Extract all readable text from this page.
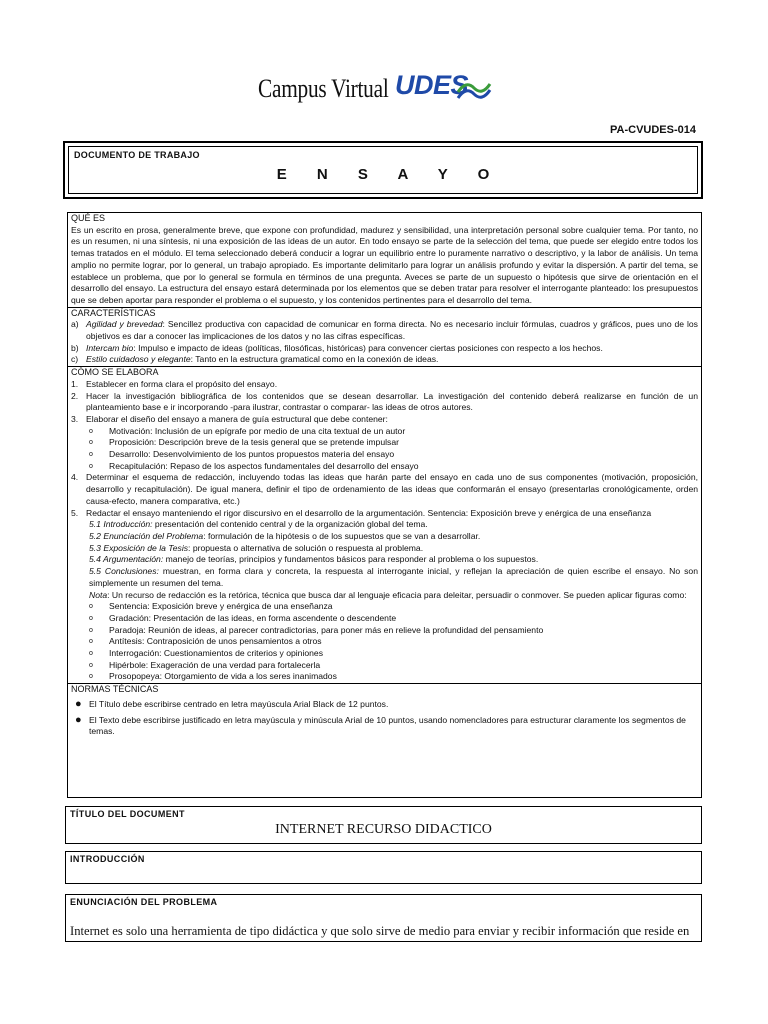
Campus Virtual UDES
PA-CVUDES-014
DOCUMENTO DE TRABAJO
E N S A Y O
QUÉ ES
Es un escrito en prosa, generalmente breve, que expone con profundidad, madurez y sensibilidad, una interpretación personal sobre cualquier tema. Por tanto, no es un resumen, ni una síntesis, ni una exposición de las ideas de un autor. En todo ensayo se parte de la selección del tema, que puede ser elegido entre todos los temas tratados en el módulo. El tema seleccionado deberá conducir a lograr un equilibrio entre lo puramente narrativo o descriptivo, y la labor de análisis. Un tema amplio no permite lograr, por lo general, un trabajo apropiado. Es importante delimitarlo para lograr un análisis profundo y evitar la dispersión. A partir del tema, se establece un problema, que por lo general se formula en términos de una pregunta. Aveces se parte de un supuesto o hipótesis que sirve de orientación en el desarrollo del ensayo. La estructura del ensayo estará determinada por los elementos que se deben tratar para resolver el interrogante planteado: los presupuestos que se deben aportar para responder el problema o el supuesto, y los contenidos pertinentes para el desarrollo del tema.
CARACTERÍSTICAS
a) Agilidad y brevedad: Sencillez productiva con capacidad de comunicar en forma directa. No es necesario incluir fórmulas, cuadros y gráficos, pues uno de los objetivos es dar a conocer las implicaciones de los datos y no las cifras específicas.
b) Intercam bio: Impulso e impacto de ideas (políticas, filosóficas, históricas) para convencer ciertas posiciones con respecto a los hechos.
c) Estilo cuidadoso y elegante: Tanto en la estructura gramatical como en la conexión de ideas.
CÓMO SE ELABORA
1. Establecer en forma clara el propósito del ensayo.
2. Hacer la investigación bibliográfica de los contenidos que se desean desarrollar. La investigación del contenido deberá realizarse en función de un planteamiento base e ir incorporando -para ilustrar, contrastar o comparar- las ideas de otros autores.
3. Elaborar el diseño del ensayo a manera de guía estructural que debe contener:
o	Motivación: Inclusión de un epígrafe por medio de una cita textual de un autor
o	Proposición: Descripción breve de la tesis general que se pretende impulsar
o	Desarrollo: Desenvolvimiento de los puntos propuestos materia del ensayo
o	Recapitulación: Repaso de los aspectos fundamentales del desarrollo del ensayo
4. Determinar el esquema de redacción, incluyendo todas las ideas que harán parte del ensayo en cada uno de sus componentes (motivación, proposición, desarrollo y recapitulación). De igual manera, definir el tipo de ordenamiento de las ideas que conformarán el ensayo (presentarlas cronológicamente, orden causa-efecto, manera comparativa, etc.)
5. Redactar el ensayo manteniendo el rigor discursivo en el desarrollo de la argumentación. Sentencia: Exposición breve y enérgica de una enseñanza
5.1 Introducción: presentación del contenido central y de la organización global del tema.
5.2 Enunciación del Problema: formulación de la hipótesis o de los supuestos que se van a desarrollar.
5.3 Exposición de la Tesis: propuesta o alternativa de solución o respuesta al problema.
5.4 Argumentación: manejo de teorías, principios y fundamentos básicos para responder al problema o los supuestos.
5.5 Conclusiones: muestran, en forma clara y concreta, la respuesta al interrogante inicial, y reflejan la apreciación de quien escribe el ensayo. No son simplemente un resumen del tema.
Nota: Un recurso de redacción es la retórica, técnica que busca dar al lenguaje eficacia para deleitar, persuadir o conmover. Se pueden aplicar figuras como:
o	Sentencia: Exposición breve y enérgica de una enseñanza
o	Gradación: Presentación de las ideas, en forma ascendente o descendente
o	Paradoja: Reunión de ideas, al parecer contradictorias, para poner más en relieve la profundidad del pensamiento
o	Antítesis: Contraposición de unos pensamientos a otros
o	Interrogación: Cuestionamientos de criterios y opiniones
o	Hipérbole: Exageración de una verdad para fortalecerla
o	Prosopopeya: Otorgamiento de vida a los seres inanimados
NORMAS TÉCNICAS
● El Título debe escribirse centrado en letra mayúscula Arial Black de 12 puntos.
● El Texto debe escribirse justificado en letra mayúscula y minúscula Arial de 10 puntos, usando nomencladores para estructurar claramente los segmentos de temas.
TÍTULO DEL DOCUMENT
INTERNET RECURSO DIDACTICO
INTRODUCCIÓN
ENUNCIACIÓN DEL PROBLEMA
Internet es solo una herramienta de tipo didáctica y que solo sirve de medio para enviar y recibir información que reside en
